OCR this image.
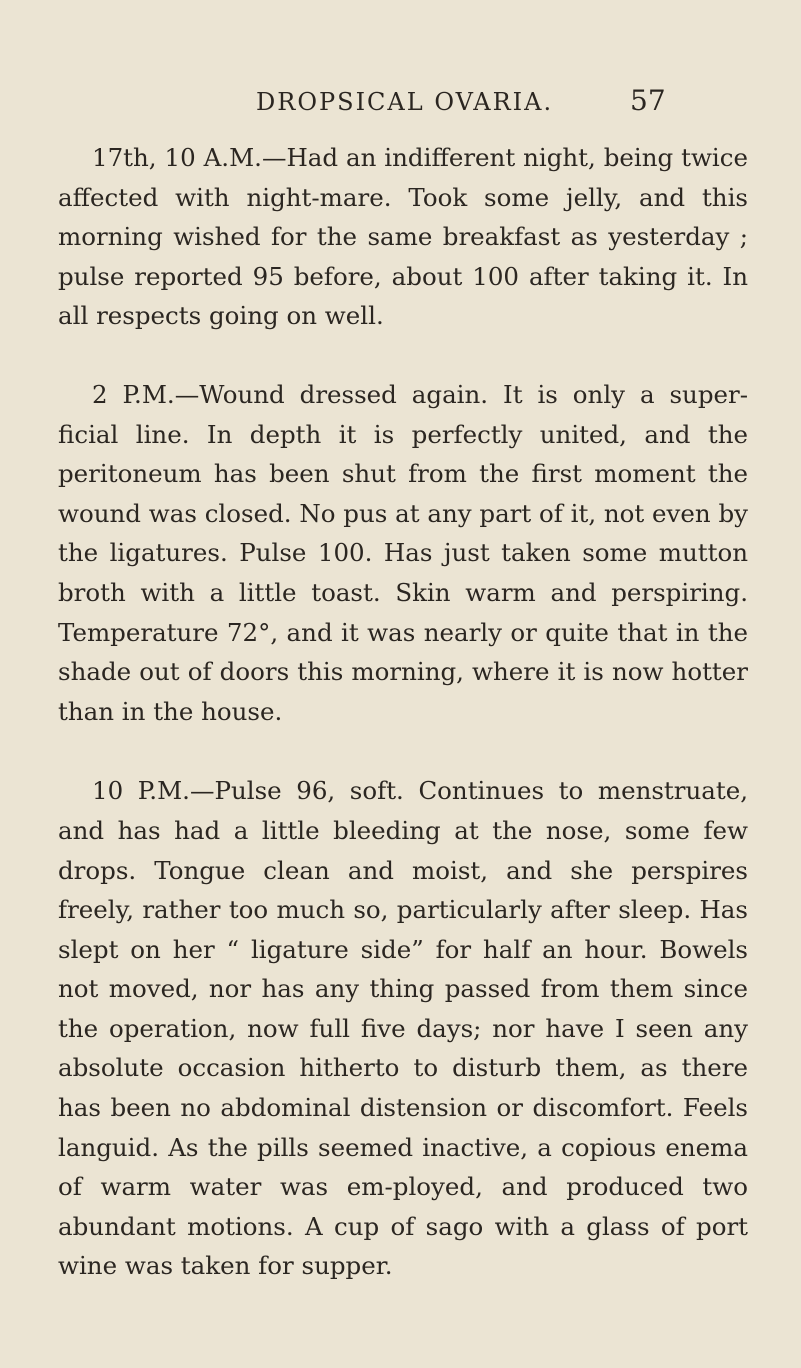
DROPSICAL OVARIA.	57

17th, 10 A.M.—Had an indifferent night, being twice affected with night-mare. Took some jelly, and this morning wished for the same breakfast as yesterday ; pulse reported 95 before, about 100 after taking it. In all respects going on well.

2 P.M.—Wound dressed again. It is only a super-ficial line. In depth it is perfectly united, and the peritoneum has been shut from the first moment the wound was closed. No pus at any part of it, not even by the ligatures. Pulse 100. Has just taken some mutton broth with a little toast. Skin warm and perspiring. Temperature 72°, and it was nearly or quite that in the shade out of doors this morning, where it is now hotter than in the house.

10 P.M.—Pulse 96, soft. Continues to menstruate, and has had a little bleeding at the nose, some few drops. Tongue clean and moist, and she perspires freely, rather too much so, particularly after sleep. Has slept on her “ ligature side” for half an hour. Bowels not moved, nor has any thing passed from them since the operation, now full five days; nor have I seen any absolute occasion hitherto to disturb them, as there has been no abdominal distension or discomfort. Feels languid. As the pills seemed inactive, a copious enema of warm water was em-ployed, and produced two abundant motions. A cup of sago with a glass of port wine was taken for supper.
